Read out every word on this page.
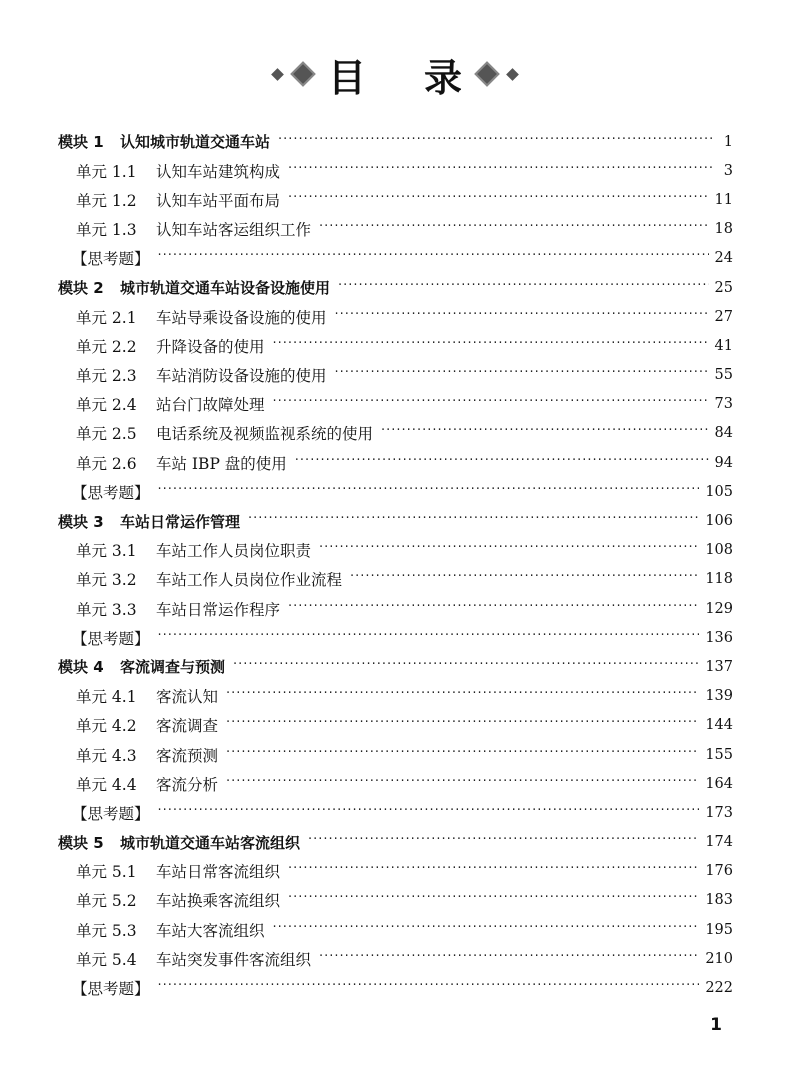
目 录
模块 1	认知城市轨道交通车站 ·····	1
单元 1.1	认知车站建筑构成 ·····	3
单元 1.2	认知车站平面布局 ·····	11
单元 1.3	认知车站客运组织工作 ·····	18
【思考题】 ·····	24
模块 2	城市轨道交通车站设备设施使用 ·····	25
单元 2.1	车站导乘设备设施的使用 ·····	27
单元 2.2	升降设备的使用 ·····	41
单元 2.3	车站消防设备设施的使用 ·····	55
单元 2.4	站台门故障处理 ·····	73
单元 2.5	电话系统及视频监视系统的使用 ·····	84
单元 2.6	车站 IBP 盘的使用 ·····	94
【思考题】 ·····	105
模块 3	车站日常运作管理 ·····	106
单元 3.1	车站工作人员岗位职责 ·····	108
单元 3.2	车站工作人员岗位作业流程 ·····	118
单元 3.3	车站日常运作程序 ·····	129
【思考题】 ·····	136
模块 4	客流调查与预测 ·····	137
单元 4.1	客流认知 ·····	139
单元 4.2	客流调查 ·····	144
单元 4.3	客流预测 ·····	155
单元 4.4	客流分析 ·····	164
【思考题】 ·····	173
模块 5	城市轨道交通车站客流组织 ·····	174
单元 5.1	车站日常客流组织 ·····	176
单元 5.2	车站换乘客流组织 ·····	183
单元 5.3	车站大客流组织 ·····	195
单元 5.4	车站突发事件客流组织 ·····	210
【思考题】 ·····	222
1
